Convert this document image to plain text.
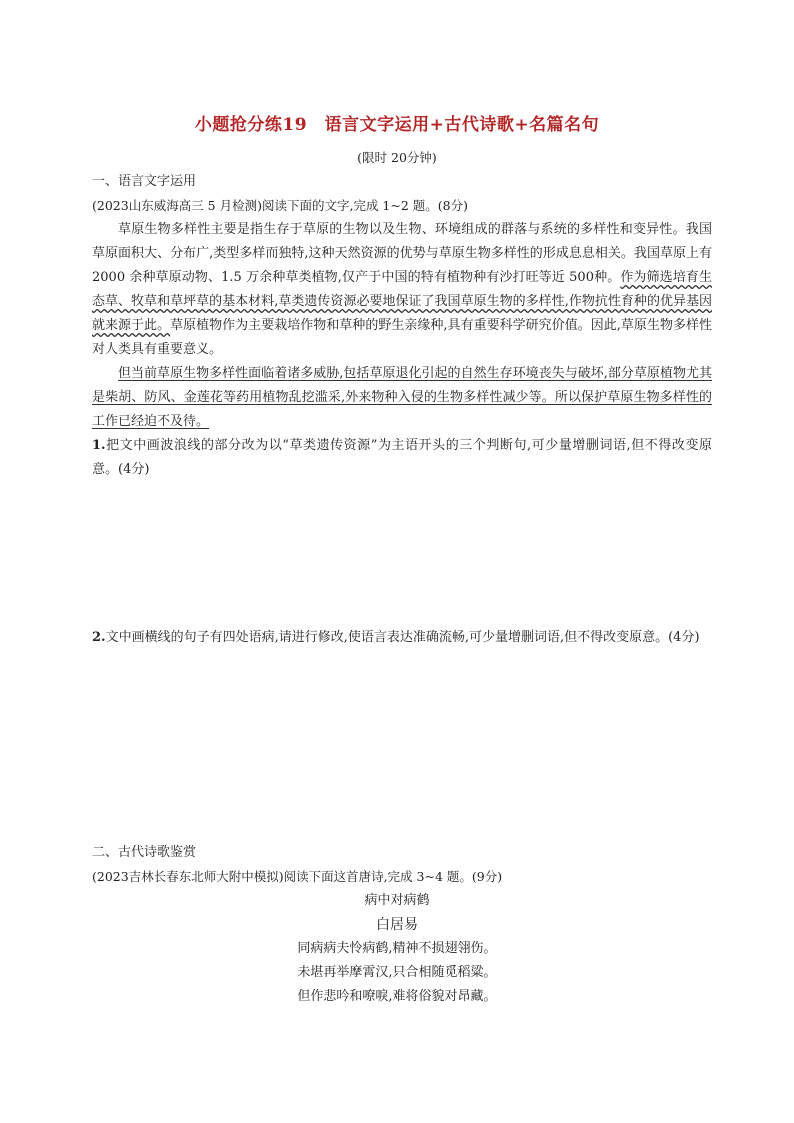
小题抢分练19　语言文字运用+古代诗歌+名篇名句
(限时 20分钟)
一、语言文字运用
(2023山东威海高三 5 月检测)阅读下面的文字,完成 1~2 题。(8分)
草原生物多样性主要是指生存于草原的生物以及生物、环境组成的群落与系统的多样性和变异性。我国草原面积大、分布广,类型多样而独特,这种天然资源的优势与草原生物多样性的形成息息相关。我国草原上有 2000 余种草原动物、1.5 万余种草类植物,仅产于中国的特有植物种有沙打旺等近 500种。作为筛选培育生态草、牧草和草坪草的基本材料,草类遗传资源必要地保证了我国草原生物的多样性,作物抗性育种的优异基因就来源于此。草原植物作为主要栽培作物和草种的野生亲缘种,具有重要科学研究价值。因此,草原生物多样性对人类具有重要意义。
但当前草原生物多样性面临着诸多威胁,包括草原退化引起的自然生存环境丧失与破坏,部分草原植物尤其是柴胡、防风、金莲花等药用植物乱挖滥采,外来物种入侵的生物多样性减少等。所以保护草原生物多样性的工作已经迫不及待。
1.把文中画波浪线的部分改为以“草类遗传资源”为主语开头的三个判断句,可少量增删词语,但不得改变原意。(4分)
2.文中画横线的句子有四处语病,请进行修改,使语言表达准确流畅,可少量增删词语,但不得改变原意。(4分)
二、古代诗歌鉴赏
(2023吉林长春东北师大附中模拟)阅读下面这首唐诗,完成 3~4 题。(9分)
病中对病鹤
白居易
同病病夫怜病鹤,精神不损翅翎伤。
未堪再举摩霄汉,只合相随觅稻粱。
但作悲吟和嘹唳,难将俗貌对昂藏。
